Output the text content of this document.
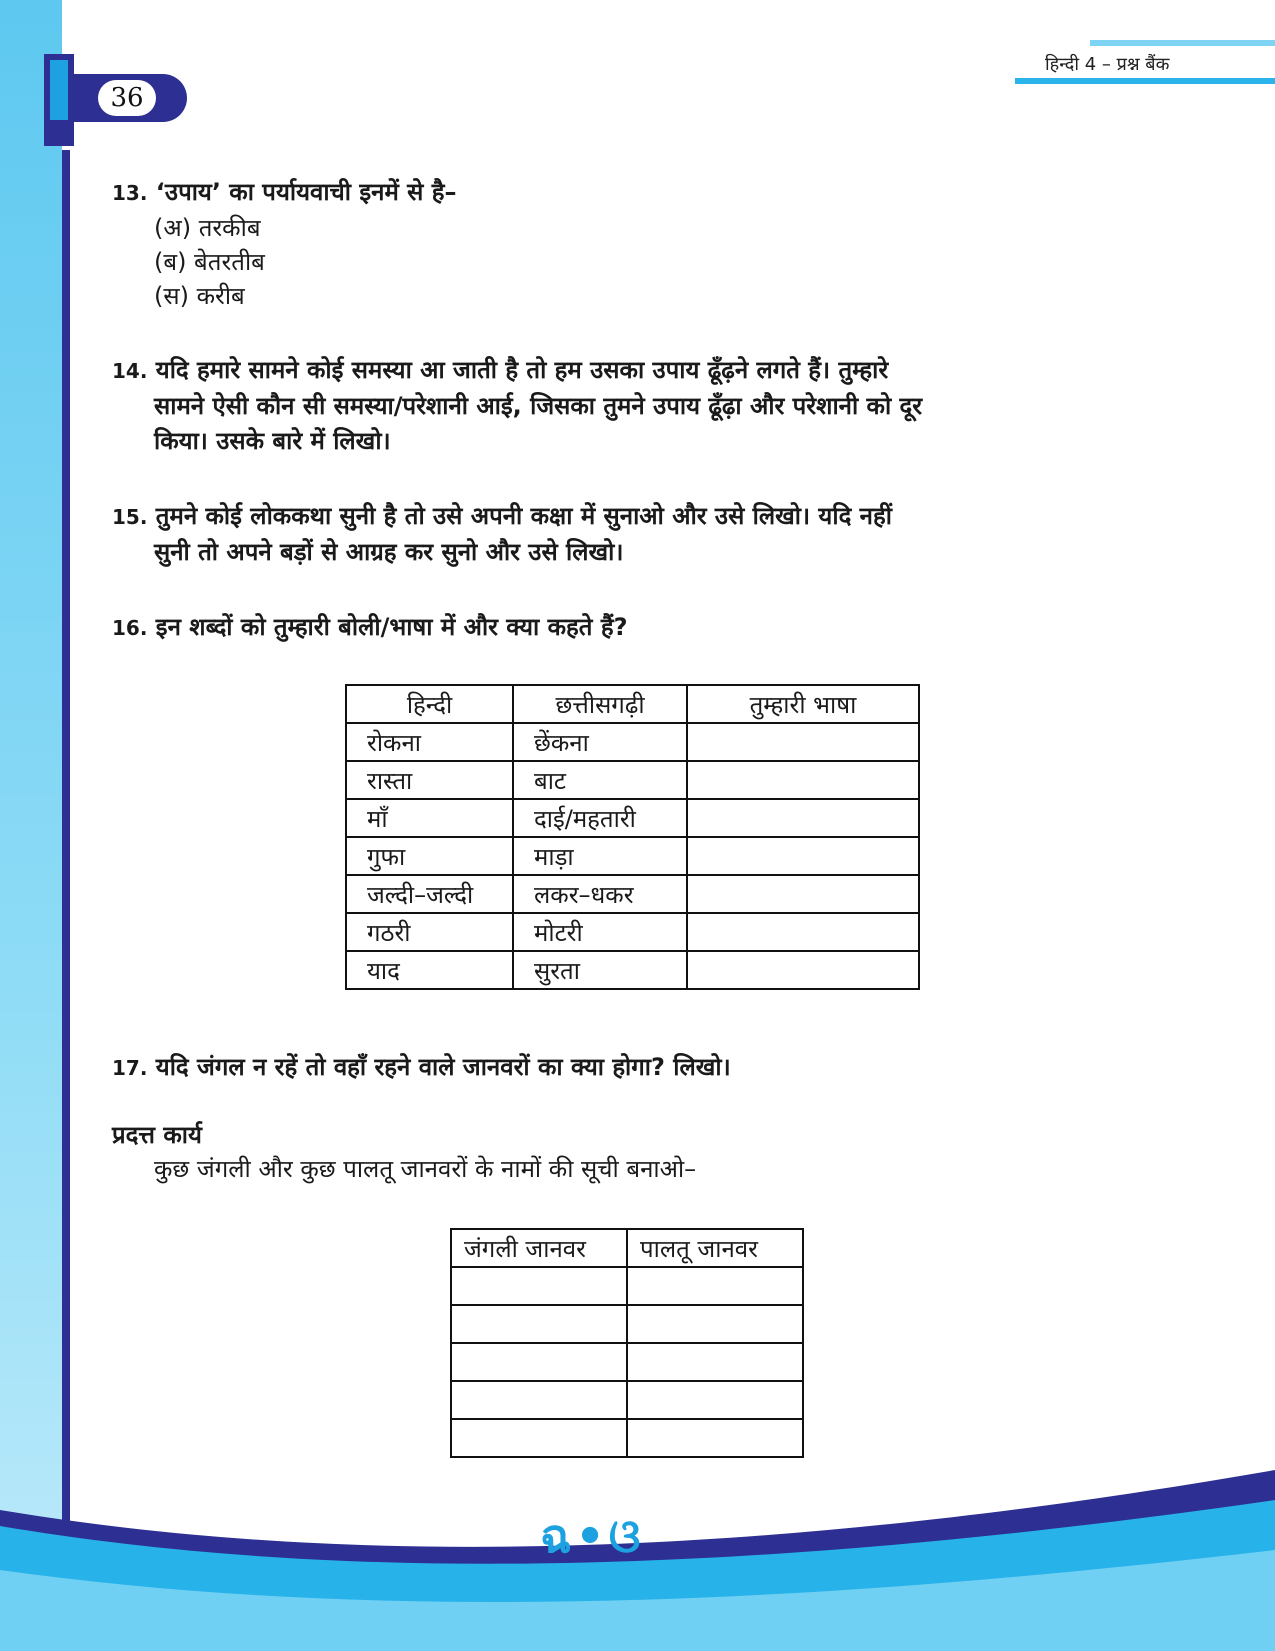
36
हिन्दी 4 – प्रश्न बैंक

13. ‘उपाय’ का पर्यायवाची इनमें से है–

(अ) तरकीब
(ब) बेतरतीब
(स) करीब

14. यदि हमारे सामने कोई समस्या आ जाती है तो हम उसका उपाय ढूँढ़ने लगते हैं। तुम्हारे
सामने ऐसी कौन सी समस्या/परेशानी आई, जिसका तुमने उपाय ढूँढ़ा और परेशानी को दूर
किया। उसके बारे में लिखो।

15. तुमने कोई लोककथा सुनी है तो उसे अपनी कक्षा में सुनाओ और उसे लिखो। यदि नहीं
सुनी तो अपने बड़ों से आग्रह कर सुनो और उसे लिखो।

16. इन शब्दों को तुम्हारी बोली/भाषा में और क्या कहते हैं?

हिन्दी	छत्तीसगढ़ी	तुम्हारी भाषा
रोकना	छेंकना	
रास्ता	बाट	
माँ	दाई/महतारी	
गुफा	माड़ा	
जल्दी–जल्दी	लकर–धकर	
गठरी	मोटरी	
याद	सुरता	

17. यदि जंगल न रहें तो वहाँ रहने वाले जानवरों का क्या होगा? लिखो।

प्रदत्त कार्य
कुछ जंगली और कुछ पालतू जानवरों के नामों की सूची बनाओ–
जंगली जानवर	पालतू जानवर

ฉ•ଓ
